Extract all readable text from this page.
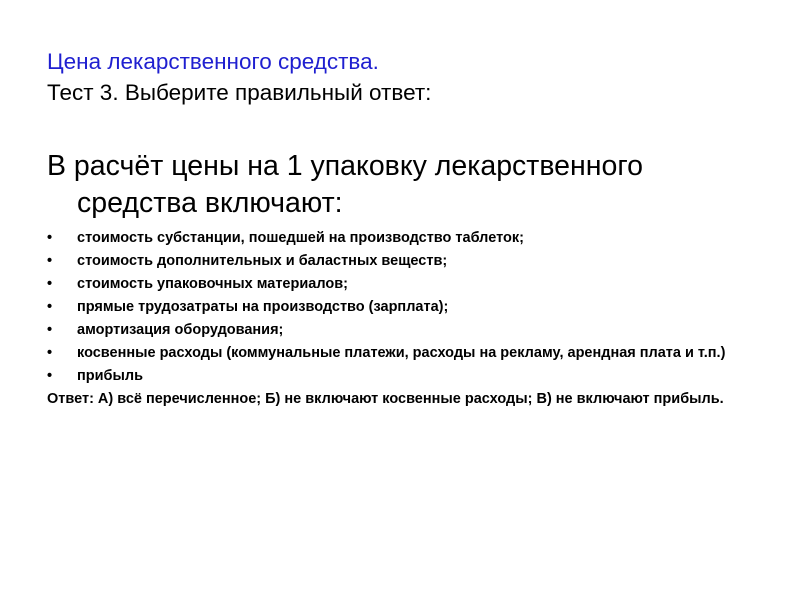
Цена лекарственного средства.
Тест 3. Выберите правильный ответ:

В расчёт цены на 1 упаковку лекарственного средства включают:

•	стоимость субстанции, пошедшей на производство таблеток;
•	стоимость дополнительных и баластных веществ;
•	стоимость упаковочных материалов;
•	прямые трудозатраты на производство (зарплата);
•	амортизация оборудования;
•	косвенные расходы (коммунальные платежи, расходы на рекламу, арендная плата и т.п.)
•	прибыль
Ответ: А) всё перечисленное; Б) не включают косвенные расходы; В) не включают прибыль.
